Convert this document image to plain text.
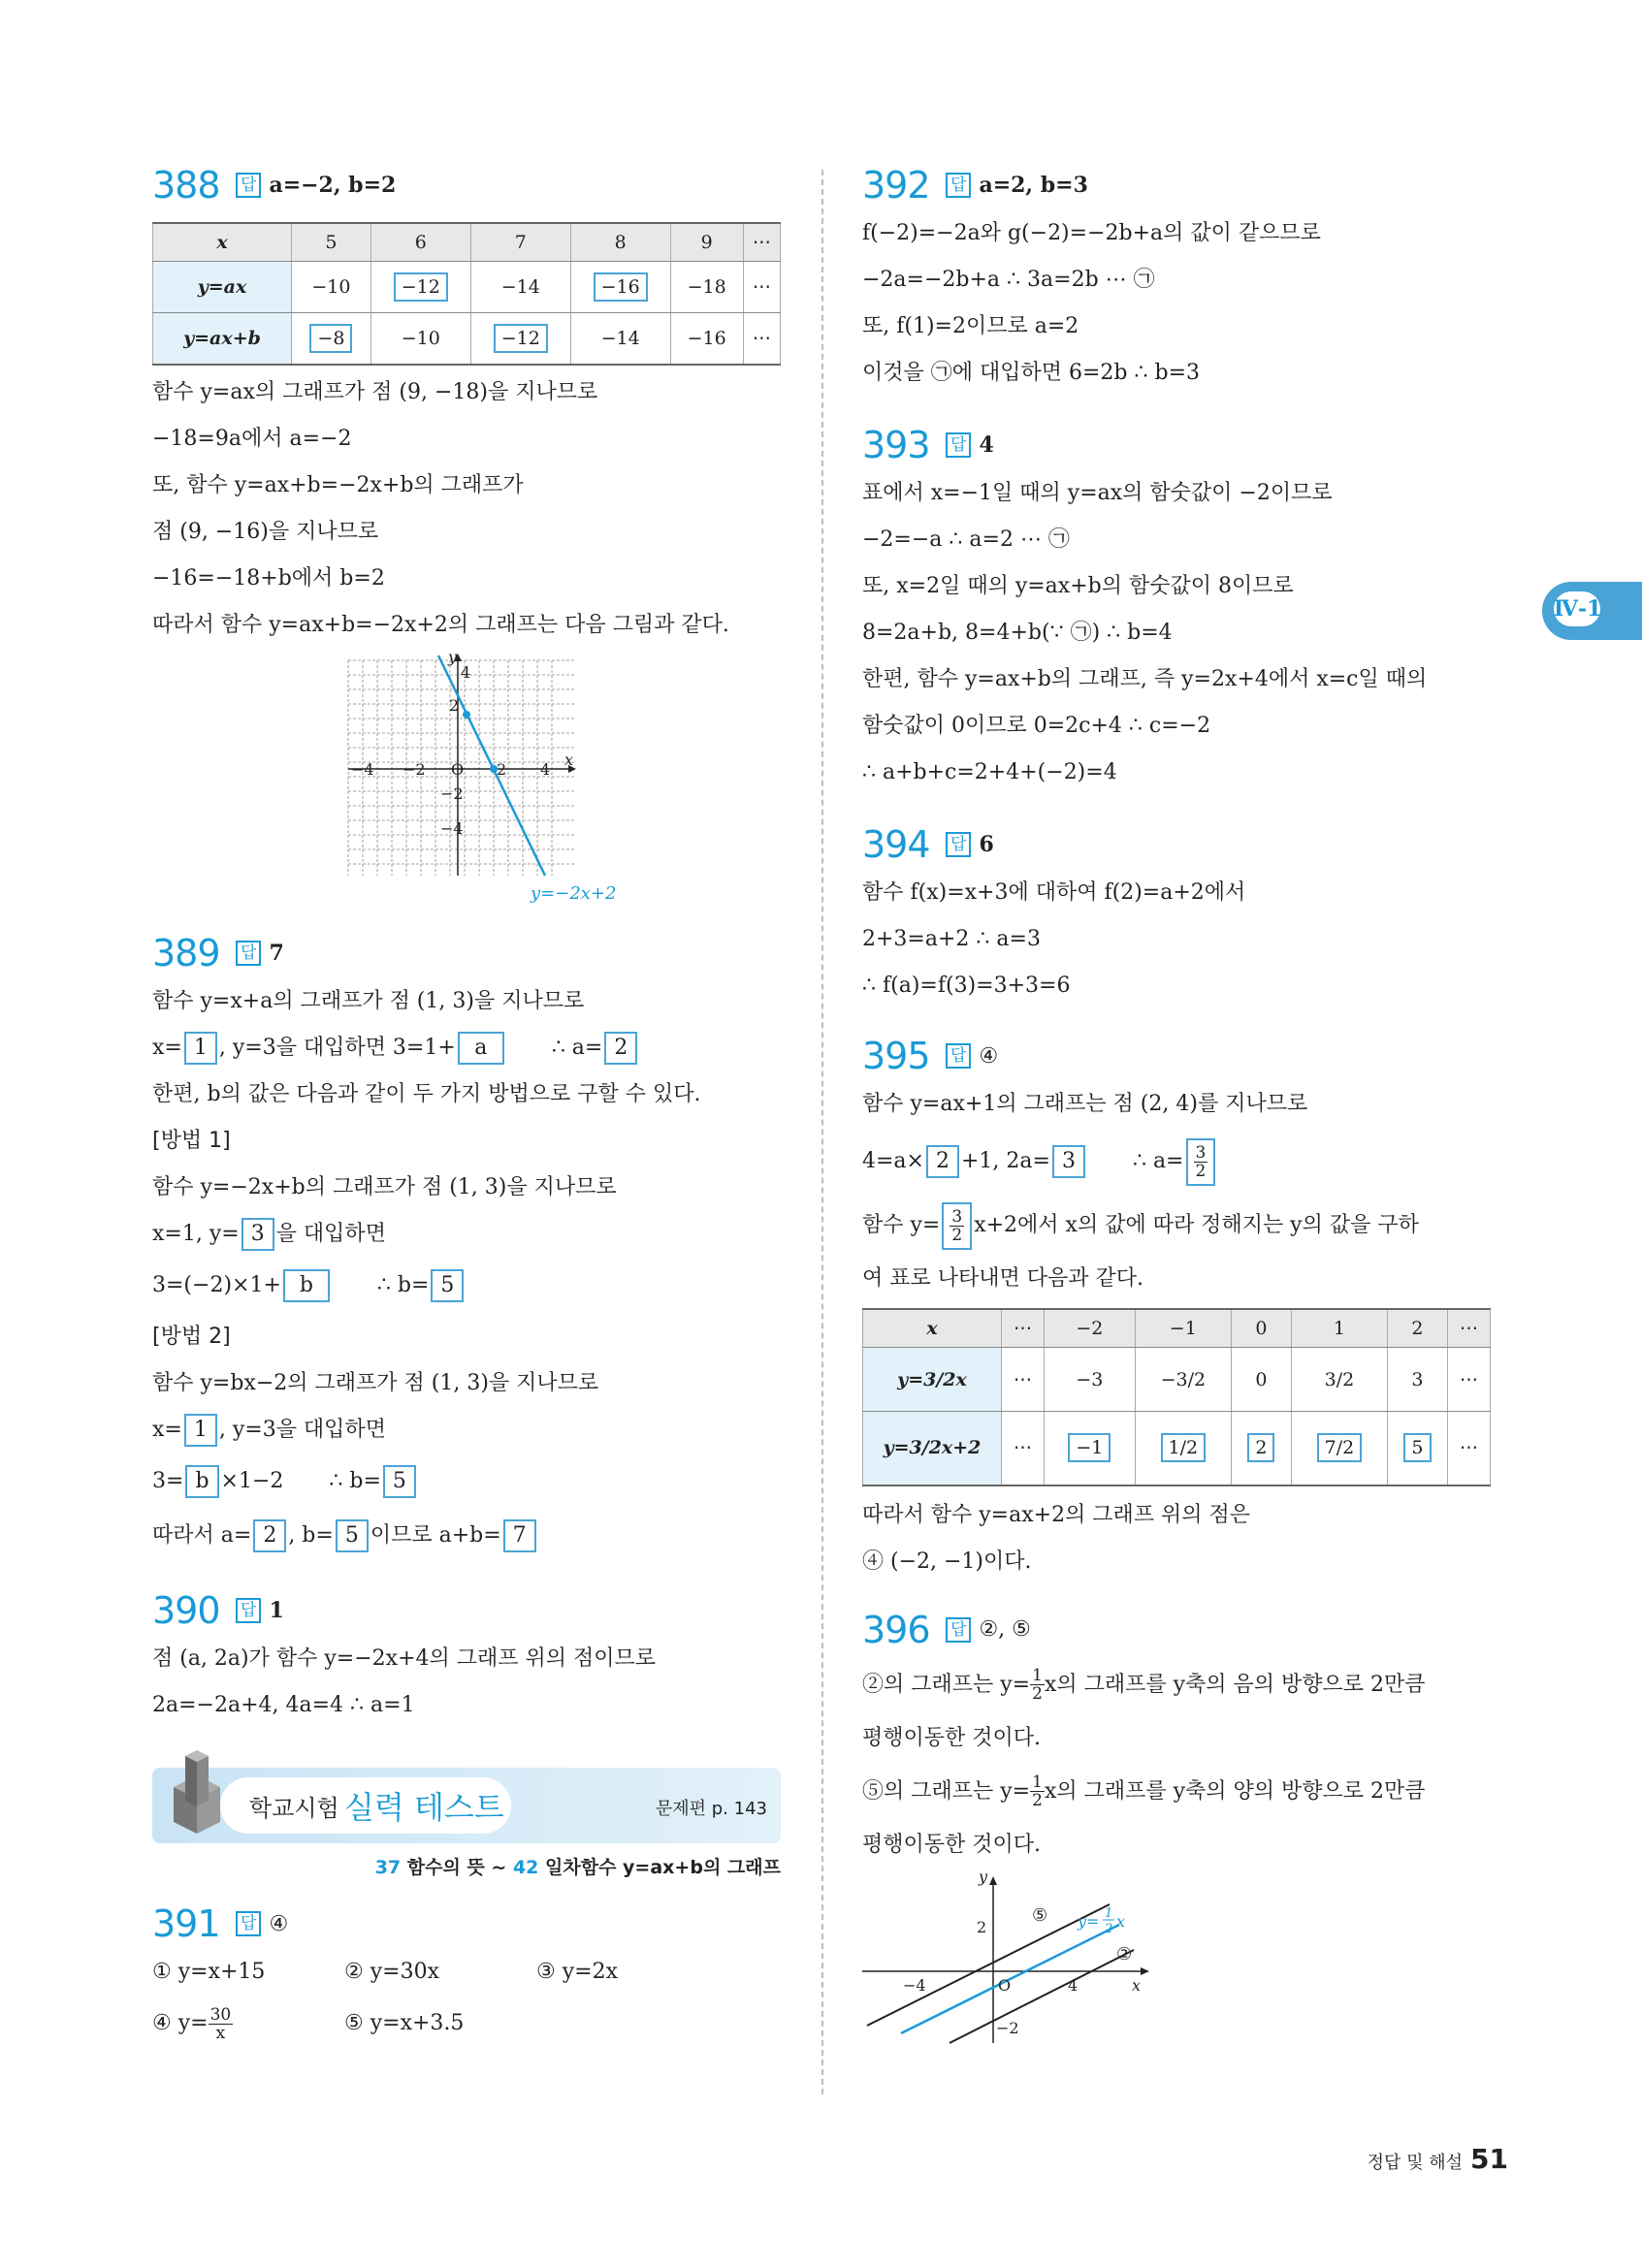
Ⅳ-1
388	답 a=−2, b=2
x	5	6	7	8	9	⋯
y=ax	−10	−12	−14	−16	−18	⋯
y=ax+b	−8	−10	−12	−14	−16	⋯
함수 y=ax의 그래프가 점 (9, −18)을 지나므로
−18=9a에서 a=−2
또, 함수 y=ax+b=−2x+b의 그래프가
점 (9, −16)을 지나므로
−16=−18+b에서 b=2
따라서 함수 y=ax+b=−2x+2의 그래프는 다음 그림과 같다.
−4 −2 O 2 4
x
y
4
2
−2
−4
y=−2x+2
389	답 7
함수 y=x+a의 그래프가 점 (1, 3)을 지나므로
x= 1 , y=3을 대입하면 3=1+ a	∴ a= 2
한편, b의 값은 다음과 같이 두 가지 방법으로 구할 수 있다.
[방법 1]
함수 y=−2x+b의 그래프가 점 (1, 3)을 지나므로
x=1, y= 3 을 대입하면
3=(−2)×1+ b	∴ b= 5
[방법 2]
함수 y=bx−2의 그래프가 점 (1, 3)을 지나므로
x= 1 , y=3을 대입하면
3= b ×1−2 ∴ b= 5
따라서 a= 2 , b= 5 이므로 a+b= 7
390	답 1
점 (a, 2a)가 함수 y=−2x+4의 그래프 위의 점이므로
2a=−2a+4, 4a=4 ∴ a=1
학교시험 실력 테스트	문제편 p. 143
37 함수의 뜻 ~ 42 일차함수 y=ax+b의 그래프
391	답 ④
① y=x+15	② y=30x	③ y=2x
④ $y= \frac{30}{x}$	⑤ y=x+3.5
392	답 a=2, b=3
f(−2)=−2a와 g(−2)=−2b+a의 값이 같으므로
−2a=−2b+a ∴ 3a=2b ⋯ ㉠
또, f(1)=2이므로 a=2
이것을 ㉠에 대입하면 6=2b ∴ b=3
393	답 4
표에서 x=−1일 때의 y=ax의 함숫값이 −2이므로
−2=−a ∴ a=2 ⋯ ㉠
또, x=2일 때의 y=ax+b의 함숫값이 8이므로
8=2a+b, 8=4+b(∵ ㉠) ∴ b=4
한편, 함수 y=ax+b의 그래프, 즉 y=2x+4에서 x=c일 때의
함숫값이 0이므로 0=2c+4 ∴ c=−2
∴ a+b+c=2+4+(−2)=4
394	답 6
함수 f(x)=x+3에 대하여 f(2)=a+2에서
2+3=a+2 ∴ a=3
∴ f(a)=f(3)=3+3=6
395	답 ④
함수 y=ax+1의 그래프는 점 (2, 4)를 지나므로
4=a× 2 +1, 2a= 3	∴ $a= \frac{3}{2}$
함수 $y= \frac{3}{2} x+2$에서 x의 값에 따라 정해지는 y의 값을 구하
여 표로 나타내면 다음과 같다.
x	⋯	−2	−1	0	1	2	⋯
y=3/2x	⋯	−3	−3/2	0	3/2	3	⋯
y=3/2x+2	⋯	−1	1/2	2	7/2	5	⋯
따라서 함수 y=ax+2의 그래프 위의 점은
④ (−2, −1)이다.
396	답 ②, ⑤
②의 그래프는 $y= \frac{1}{2}$ x의 그래프를 y축의 음의 방향으로 2만큼
평행이동한 것이다.
⑤의 그래프는 $y= \frac{1}{2}$ x의 그래프를 y축의 양의 방향으로 2만큼
평행이동한 것이다.
y
2
−4	O	4	x
−2
⑤
②
y= 1
2 x
정답 및 해설 51
